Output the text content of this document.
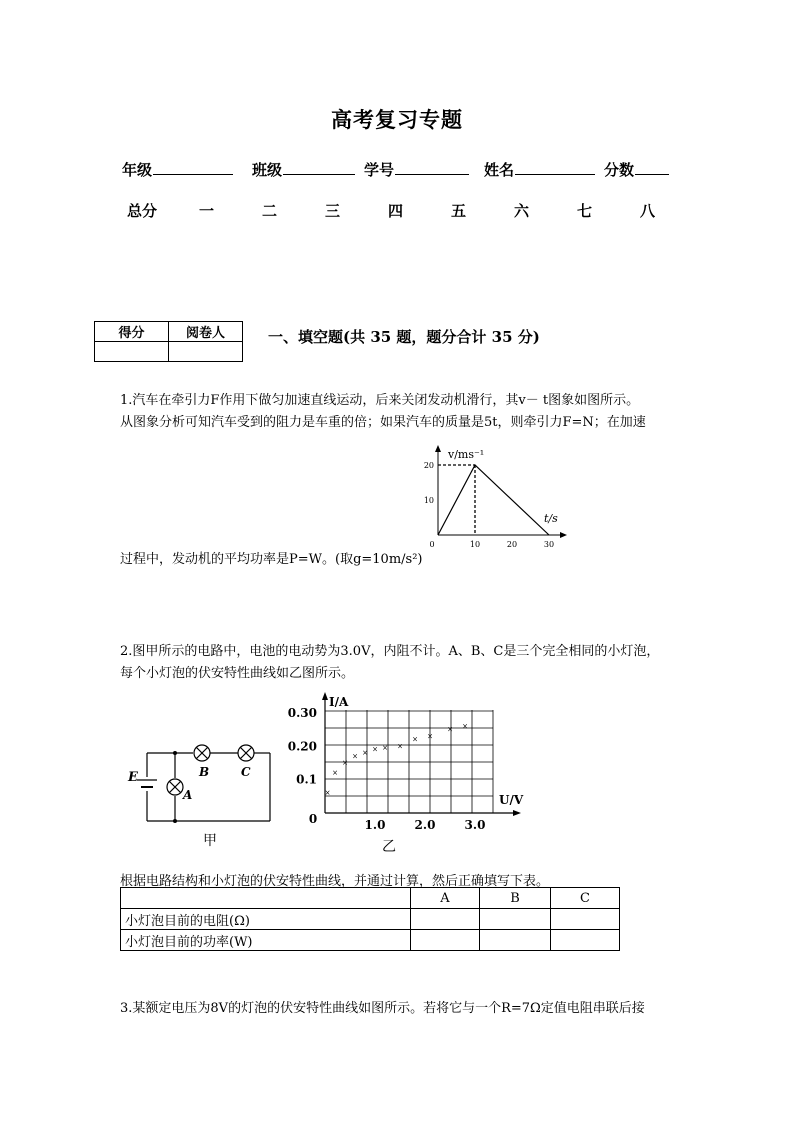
高考复习专题
年级	班级	学号	姓名	分数
总分	一	二	三	四	五	六	七	八
得分	阅卷人
		一、填空题(共 35 题，题分合计 35 分)
1.汽车在牵引力F作用下做匀加速直线运动，后来关闭发动机滑行，其v－ t图象如图所示。
从图象分析可知汽车受到的阻力是车重的倍；如果汽车的质量是5t，则牵引力F=N；在加速
0	10	20	30
10
20
t/s
v/ms⁻¹
过程中，发动机的平均功率是P=W。(取g=10m/s²)
2.图甲所示的电路中，电池的电动势为3.0V，内阻不计。A、B、C是三个完全相同的小灯泡，
每个小灯泡的伏安特性曲线如乙图所示。
E
A
B	C
甲
0	1.0 2.0 3.0
0.1
0.20
0.30
U/V
I/A
×
×
×
× × × × ×
× ×
× ×
乙
根据电路结构和小灯泡的伏安特性曲线，并通过计算，然后正确填写下表。
	A	B	C
小灯泡目前的电阻(Ω)			
小灯泡目前的功率(W)			
3.某额定电压为8V的灯泡的伏安特性曲线如图所示。若将它与一个R=7Ω定值电阻串联后接
